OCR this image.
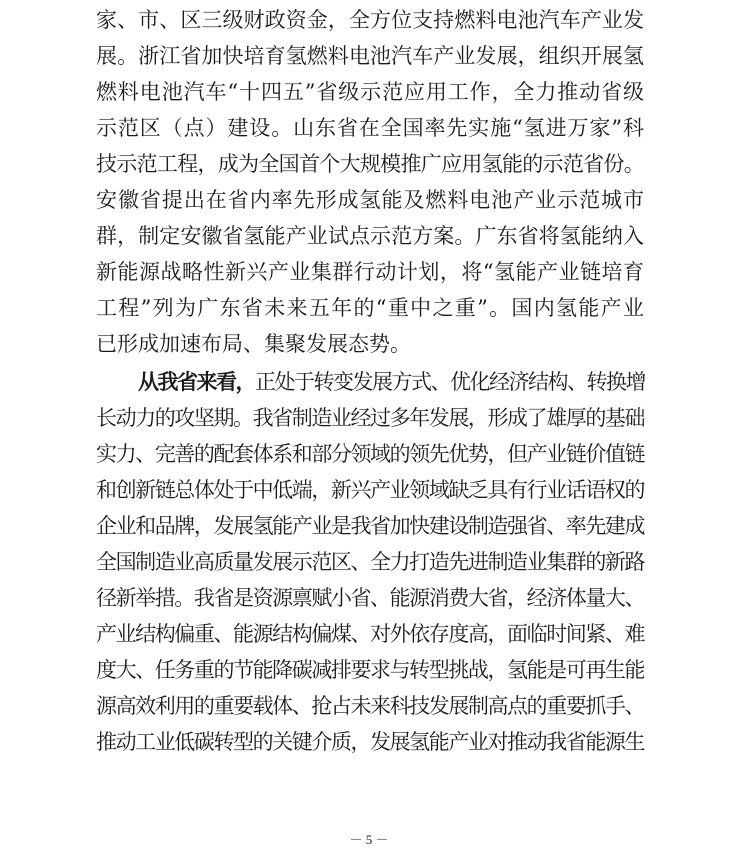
家、市、区三级财政资金，全方位支持燃料电池汽车产业发
展。浙江省加快培育氢燃料电池汽车产业发展，组织开展氢
燃料电池汽车“十四五”省级示范应用工作，全力推动省级
示范区（点）建设。山东省在全国率先实施“氢进万家”科
技示范工程，成为全国首个大规模推广应用氢能的示范省份。
安徽省提出在省内率先形成氢能及燃料电池产业示范城市
群，制定安徽省氢能产业试点示范方案。广东省将氢能纳入
新能源战略性新兴产业集群行动计划，将“氢能产业链培育
工程”列为广东省未来五年的“重中之重”。国内氢能产业
已形成加速布局、集聚发展态势。
从我省来看，正处于转变发展方式、优化经济结构、转换增
长动力的攻坚期。我省制造业经过多年发展，形成了雄厚的基础
实力、完善的配套体系和部分领域的领先优势，但产业链价值链
和创新链总体处于中低端，新兴产业领域缺乏具有行业话语权的
企业和品牌，发展氢能产业是我省加快建设制造强省、率先建成
全国制造业高质量发展示范区、全力打造先进制造业集群的新路
径新举措。我省是资源禀赋小省、能源消费大省，经济体量大、
产业结构偏重、能源结构偏煤、对外依存度高，面临时间紧、难
度大、任务重的节能降碳减排要求与转型挑战，氢能是可再生能
源高效利用的重要载体、抢占未来科技发展制高点的重要抓手、
推动工业低碳转型的关键介质，发展氢能产业对推动我省能源生
－ 5 －
